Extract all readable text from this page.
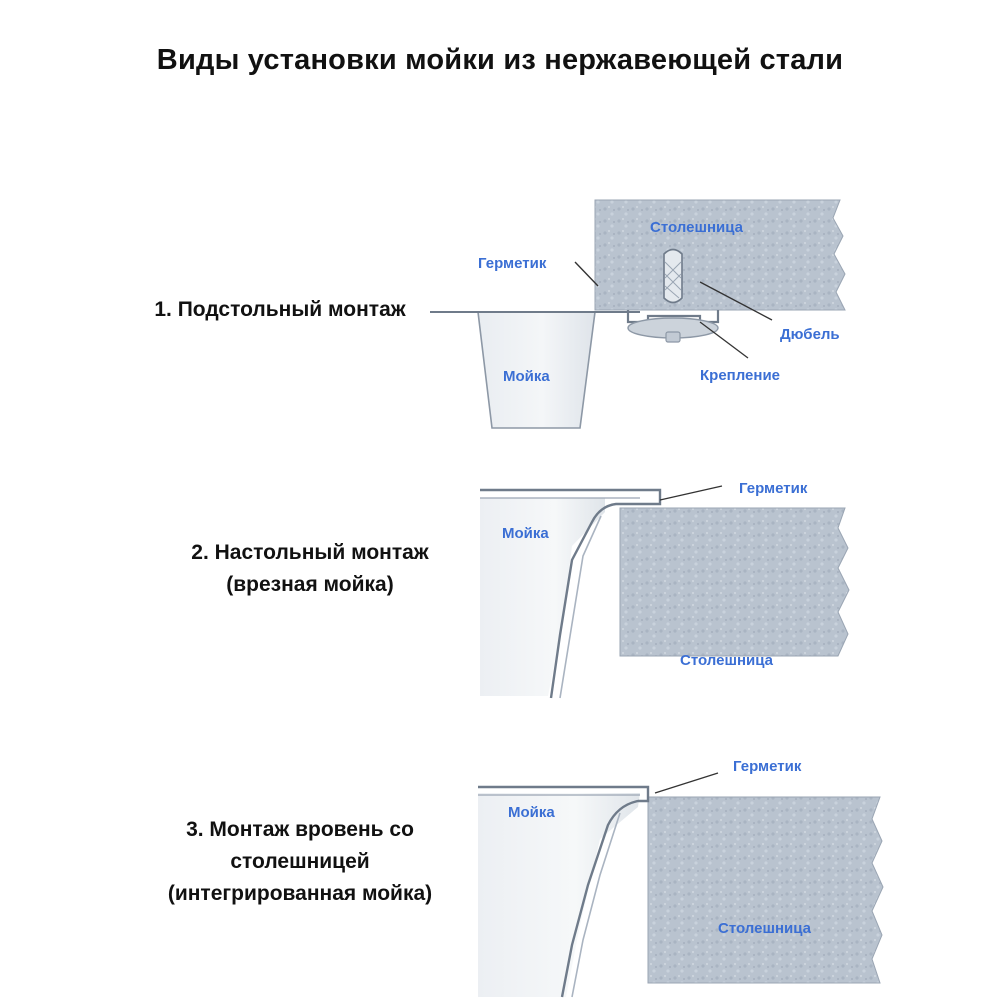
Виды установки мойки из нержавеющей стали
1. Подстольный монтаж
Герметик
Столешница
Дюбель
Крепление
Мойка
2. Настольный монтаж
(врезная мойка)
Герметик
Мойка
Столешница
3. Монтаж вровень со
столешницей
(интегрированная мойка)
Герметик
Мойка
Столешница
